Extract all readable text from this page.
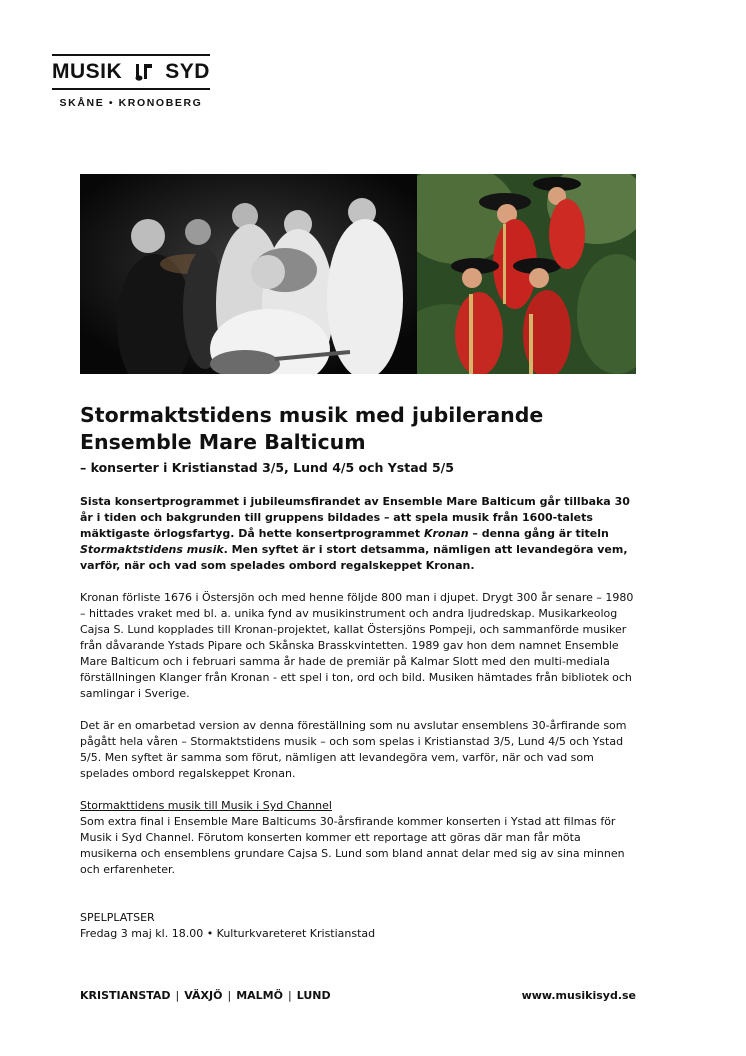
MUSIK SYD
SKÅNE • KRONOBERG
Stormaktstidens musik med jubilerande
Ensemble Mare Balticum
– konserter i Kristianstad 3/5, Lund 4/5 och Ystad 5/5
Sista konsertprogrammet i jubileumsfirandet av Ensemble Mare Balticum går tillbaka 30 år i tiden och bakgrunden till gruppens bildades – att spela musik från 1600-talets mäktigaste örlogsfartyg. Då hette konsertprogrammet Kronan – denna gång är titeln Stormaktstidens musik. Men syftet är i stort detsamma, nämligen att levandegöra vem, varför, när och vad som spelades ombord regalskeppet Kronan.
Kronan förliste 1676 i Östersjön och med henne följde 800 man i djupet. Drygt 300 år senare – 1980 – hittades vraket med bl. a. unika fynd av musikinstrument och andra ljudredskap. Musikarkeolog Cajsa S. Lund kopplades till Kronan-projektet, kallat Östersjöns Pompeji, och sammanförde musiker från dåvarande Ystads Pipare och Skånska Brasskvintetten. 1989 gav hon dem namnet Ensemble Mare Balticum och i februari samma år hade de premiär på Kalmar Slott med den multi-mediala förställningen Klanger från Kronan - ett spel i ton, ord och bild. Musiken hämtades från bibliotek och samlingar i Sverige.
Det är en omarbetad version av denna föreställning som nu avslutar ensemblens 30-årfirande som pågått hela våren – Stormaktstidens musik – och som spelas i Kristianstad 3/5, Lund 4/5 och Ystad 5/5. Men syftet är samma som förut, nämligen att levandegöra vem, varför, när och vad som spelades ombord regalskeppet Kronan.
Stormakttidens musik till Musik i Syd Channel
Som extra final i Ensemble Mare Balticums 30-årsfirande kommer konserten i Ystad att filmas för Musik i Syd Channel. Förutom konserten kommer ett reportage att göras där man får möta musikerna och ensemblens grundare Cajsa S. Lund som bland annat delar med sig av sina minnen och erfarenheter.
SPELPLATSER
Fredag 3 maj kl. 18.00 • Kulturkvareteret Kristianstad
KRISTIANSTAD | VÄXJÖ | MALMÖ | LUND	www.musikisyd.se
